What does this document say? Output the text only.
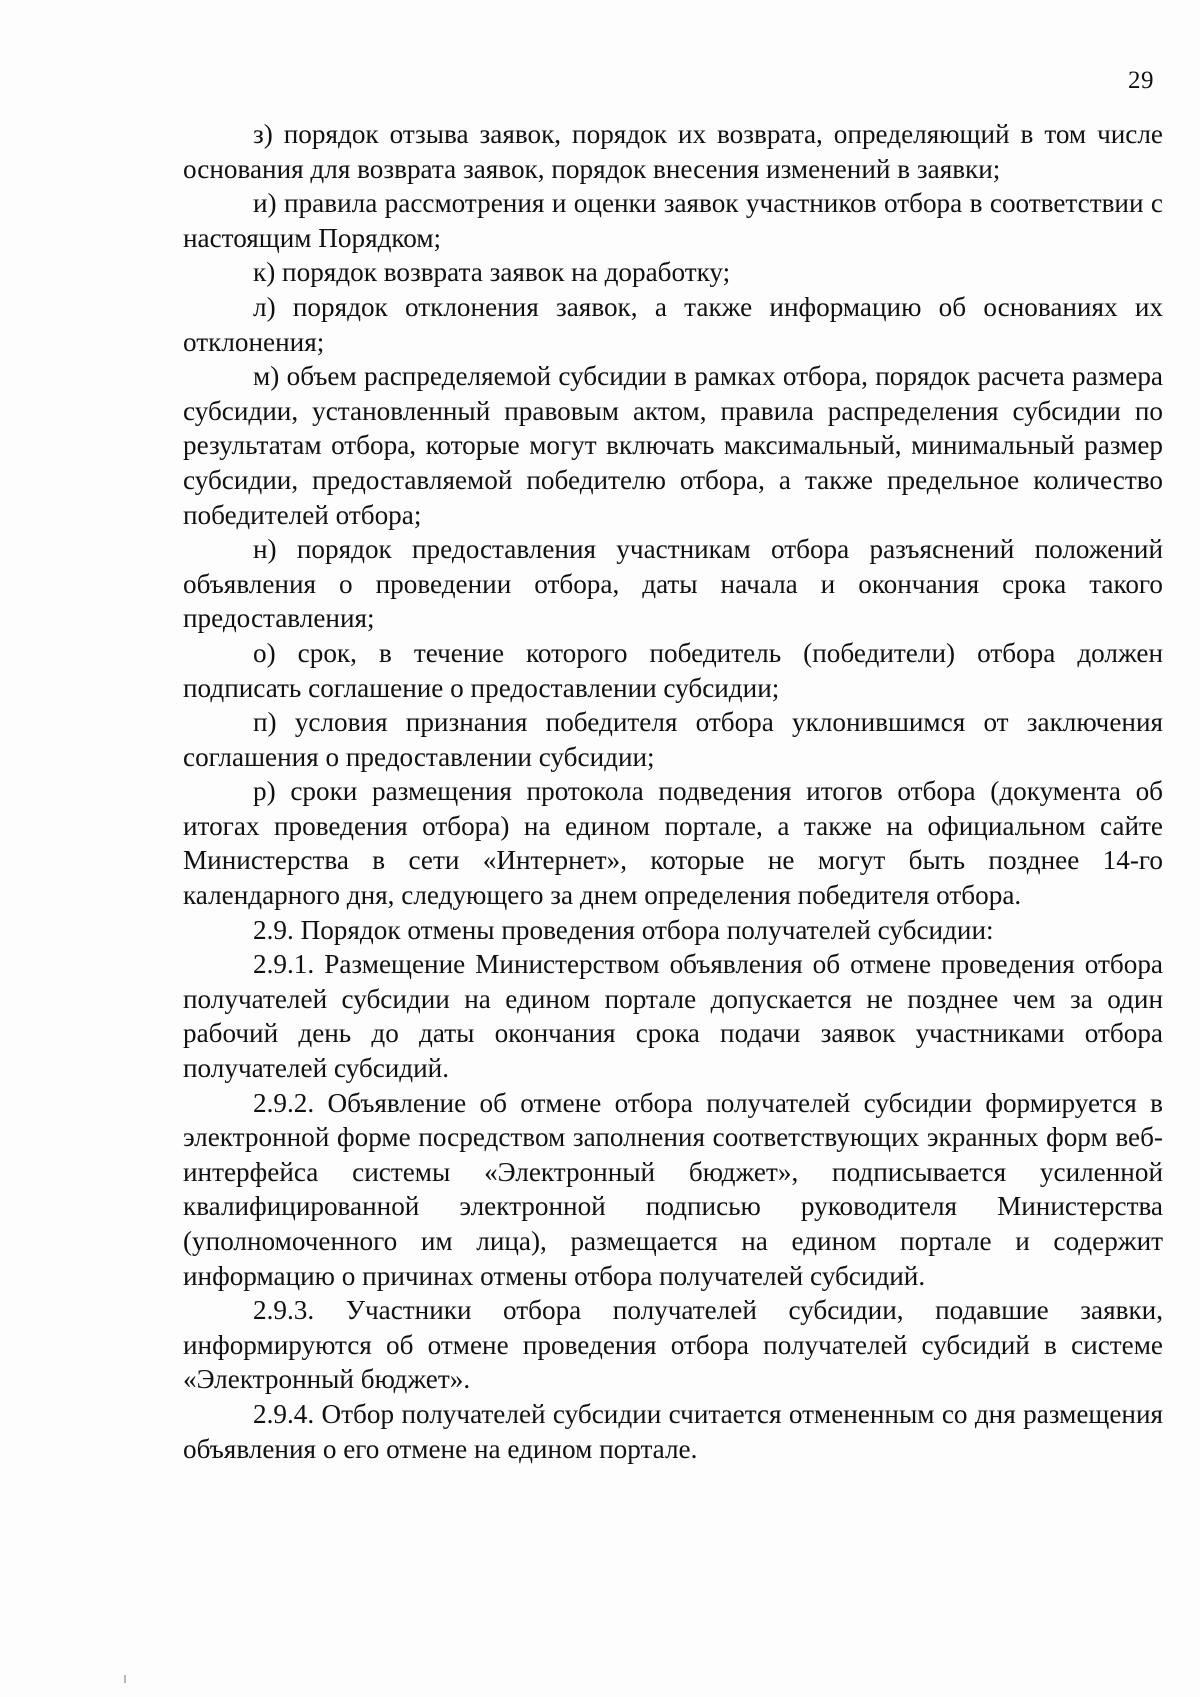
29

з) порядок отзыва заявок, порядок их возврата, определяющий в том числе основания для возврата заявок, порядок внесения изменений в заявки;

и) правила рассмотрения и оценки заявок участников отбора в соответствии с настоящим Порядком;

к) порядок возврата заявок на доработку;

л) порядок отклонения заявок, а также информацию об основаниях их отклонения;

м) объем распределяемой субсидии в рамках отбора, порядок расчета размера субсидии, установленный правовым актом, правила распределения субсидии по результатам отбора, которые могут включать максимальный, минимальный размер субсидии, предоставляемой победителю отбора, а также предельное количество победителей отбора;

н) порядок предоставления участникам отбора разъяснений положений объявления о проведении отбора, даты начала и окончания срока такого предоставления;

о) срок, в течение которого победитель (победители) отбора должен подписать соглашение о предоставлении субсидии;

п) условия признания победителя отбора уклонившимся от заключения соглашения о предоставлении субсидии;

р) сроки размещения протокола подведения итогов отбора (документа об итогах проведения отбора) на едином портале, а также на официальном сайте Министерства в сети «Интернет», которые не могут быть позднее 14-го календарного дня, следующего за днем определения победителя отбора.

2.9. Порядок отмены проведения отбора получателей субсидии:

2.9.1. Размещение Министерством объявления об отмене проведения отбора получателей субсидии на едином портале допускается не позднее чем за один рабочий день до даты окончания срока подачи заявок участниками отбора получателей субсидий.

2.9.2. Объявление об отмене отбора получателей субсидии формируется в электронной форме посредством заполнения соответствующих экранных форм веб-интерфейса системы «Электронный бюджет», подписывается усиленной квалифицированной электронной подписью руководителя Министерства (уполномоченного им лица), размещается на едином портале и содержит информацию о причинах отмены отбора получателей субсидий.

2.9.3. Участники отбора получателей субсидии, подавшие заявки, информируются об отмене проведения отбора получателей субсидий в системе «Электронный бюджет».

2.9.4. Отбор получателей субсидии считается отмененным со дня размещения объявления о его отмене на едином портале.
